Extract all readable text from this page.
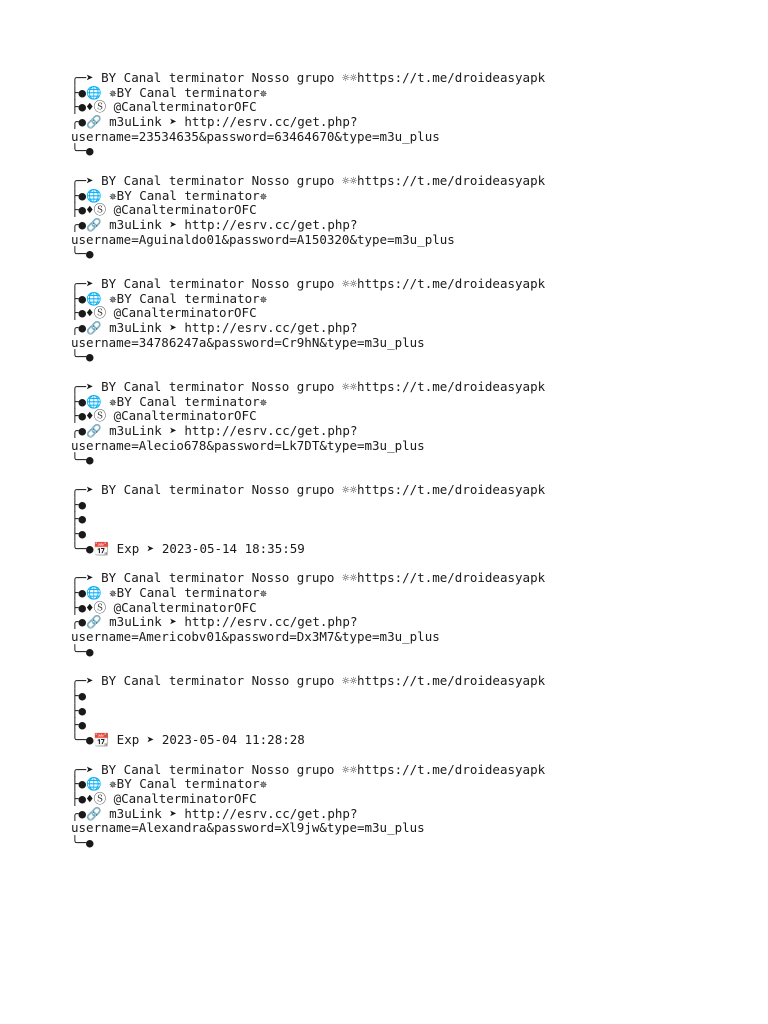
╭─➤ BY Canal terminator Nosso grupo ☼☼https://t.me/droideasyapk
├●🌐 ✵BY Canal terminator✵
├●♦Ⓢ @CanalterminatorOFC
╭●🔗 m3uLink ➤ http://esrv.cc/get.php?
username=23534635&password=63464670&type=m3u_plus
╰─●
╭─➤ BY Canal terminator Nosso grupo ☼☼https://t.me/droideasyapk
├●🌐 ✵BY Canal terminator✵
├●♦Ⓢ @CanalterminatorOFC
╭●🔗 m3uLink ➤ http://esrv.cc/get.php?
username=Aguinaldo01&password=A150320&type=m3u_plus
╰─●
╭─➤ BY Canal terminator Nosso grupo ☼☼https://t.me/droideasyapk
├●🌐 ✵BY Canal terminator✵
├●♦Ⓢ @CanalterminatorOFC
╭●🔗 m3uLink ➤ http://esrv.cc/get.php?
username=34786247a&password=Cr9hN&type=m3u_plus
╰─●
╭─➤ BY Canal terminator Nosso grupo ☼☼https://t.me/droideasyapk
├●🌐 ✵BY Canal terminator✵
├●♦Ⓢ @CanalterminatorOFC
╭●🔗 m3uLink ➤ http://esrv.cc/get.php?
username=Alecio678&password=Lk7DT&type=m3u_plus
╰─●
╭─➤ BY Canal terminator Nosso grupo ☼☼https://t.me/droideasyapk
├●
├●
├●
╰─●📆 Exp ➤ 2023-05-14 18:35:59
╭─➤ BY Canal terminator Nosso grupo ☼☼https://t.me/droideasyapk
├●🌐 ✵BY Canal terminator✵
├●♦Ⓢ @CanalterminatorOFC
╭●🔗 m3uLink ➤ http://esrv.cc/get.php?
username=Americobv01&password=Dx3M7&type=m3u_plus
╰─●
╭─➤ BY Canal terminator Nosso grupo ☼☼https://t.me/droideasyapk
├●
├●
├●
╰─●📆 Exp ➤ 2023-05-04 11:28:28
╭─➤ BY Canal terminator Nosso grupo ☼☼https://t.me/droideasyapk
├●🌐 ✵BY Canal terminator✵
├●♦Ⓢ @CanalterminatorOFC
╭●🔗 m3uLink ➤ http://esrv.cc/get.php?
username=Alexandra&password=Xl9jw&type=m3u_plus
╰─●
